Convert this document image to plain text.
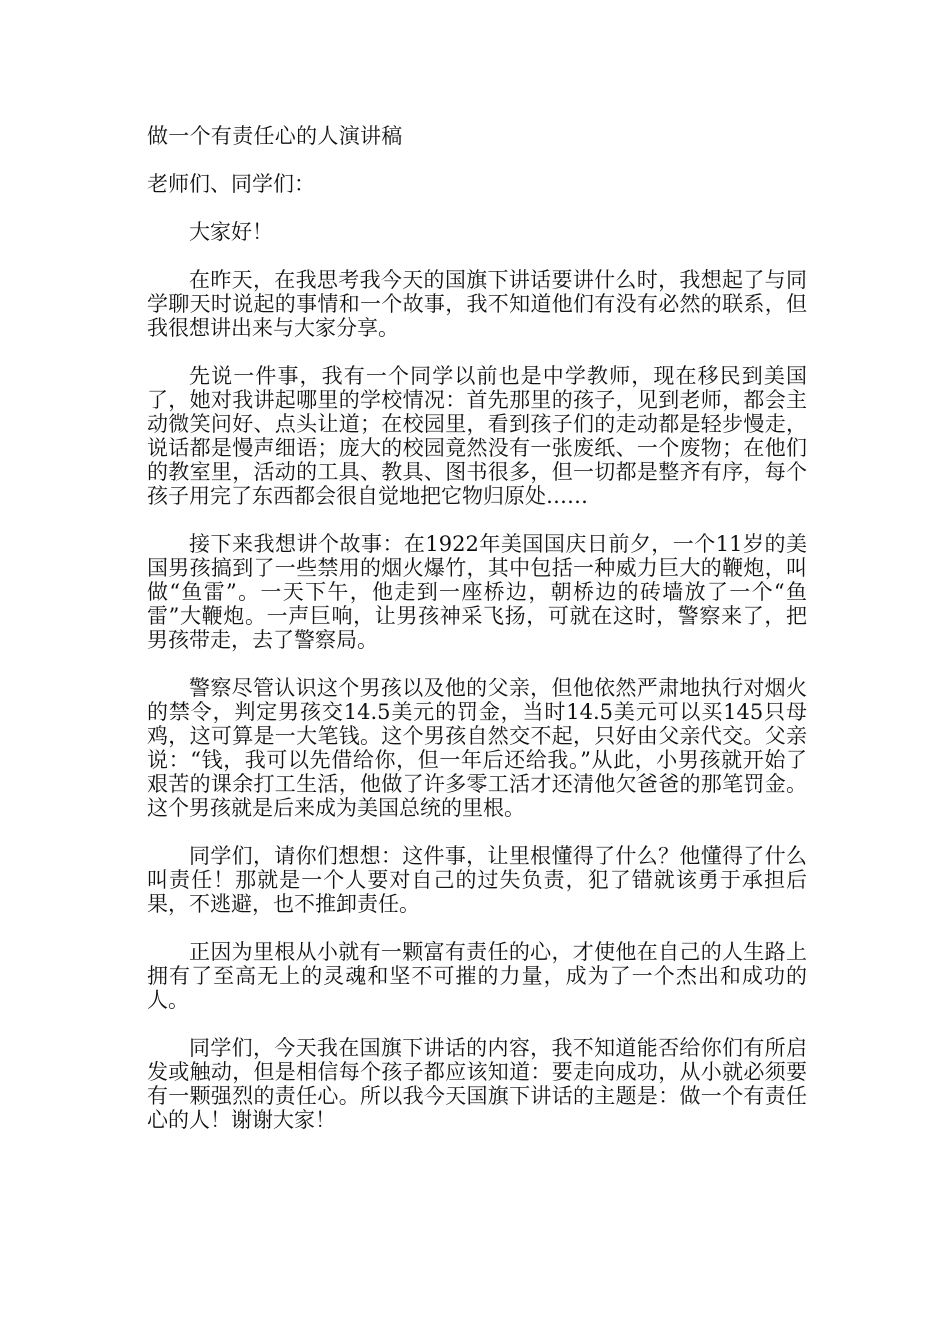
做一个有责任心的人演讲稿
老师们、同学们：

大家好！

在昨天，在我思考我今天的国旗下讲话要讲什么时，我想起了与同学聊天时说起的事情和一个故事，我不知道他们有没有必然的联系，但我很想讲出来与大家分享。

先说一件事，我有一个同学以前也是中学教师，现在移民到美国了，她对我讲起哪里的学校情况：首先那里的孩子，见到老师，都会主动微笑问好、点头让道；在校园里，看到孩子们的走动都是轻步慢走，说话都是慢声细语；庞大的校园竟然没有一张废纸、一个废物；在他们的教室里，活动的工具、教具、图书很多，但一切都是整齐有序，每个孩子用完了东西都会很自觉地把它物归原处……

接下来我想讲个故事：在1922年美国国庆日前夕，一个11岁的美国男孩搞到了一些禁用的烟火爆竹，其中包括一种威力巨大的鞭炮，叫做“鱼雷”。一天下午，他走到一座桥边，朝桥边的砖墙放了一个“鱼雷”大鞭炮。一声巨响，让男孩神采飞扬，可就在这时，警察来了，把男孩带走，去了警察局。

警察尽管认识这个男孩以及他的父亲，但他依然严肃地执行对烟火的禁令，判定男孩交14.5美元的罚金，当时14.5美元可以买145只母鸡，这可算是一大笔钱。这个男孩自然交不起，只好由父亲代交。父亲说：“钱，我可以先借给你，但一年后还给我。”从此，小男孩就开始了艰苦的课余打工生活，他做了许多零工活才还清他欠爸爸的那笔罚金。这个男孩就是后来成为美国总统的里根。

同学们，请你们想想：这件事，让里根懂得了什么？他懂得了什么叫责任！那就是一个人要对自己的过失负责，犯了错就该勇于承担后果，不逃避，也不推卸责任。

正因为里根从小就有一颗富有责任的心，才使他在自己的人生路上拥有了至高无上的灵魂和坚不可摧的力量，成为了一个杰出和成功的人。

同学们，今天我在国旗下讲话的内容，我不知道能否给你们有所启发或触动，但是相信每个孩子都应该知道：要走向成功，从小就必须要有一颗强烈的责任心。所以我今天国旗下讲话的主题是：做一个有责任心的人！谢谢大家！
